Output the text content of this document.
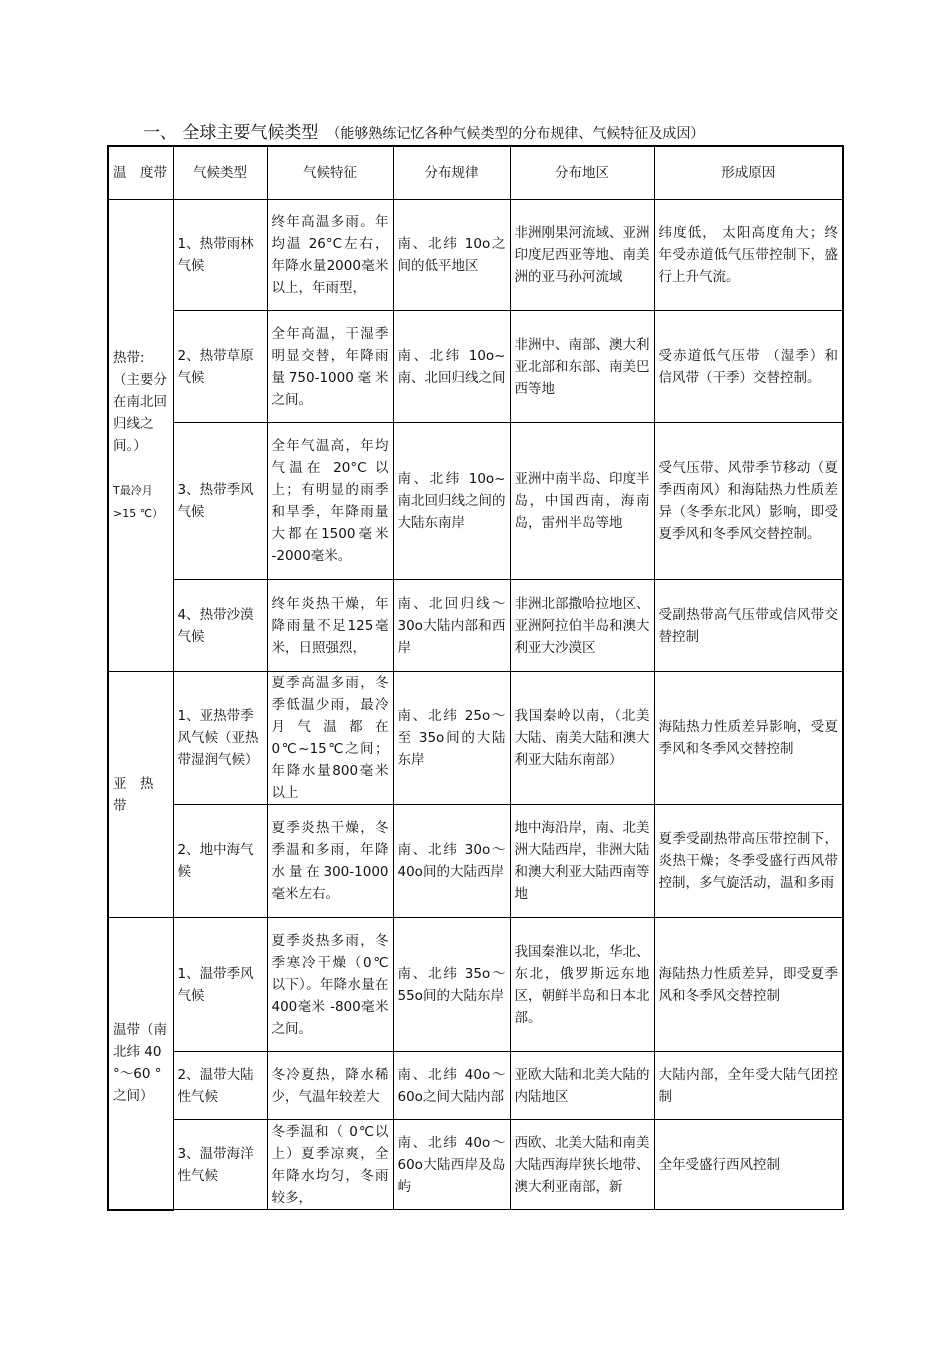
一、 全球主要气候类型 （能够熟练记忆各种气候类型的分布规律、气候特征及成因）
温　度带	气候类型	气候特征	分布规律	分布地区	形成原因
热带:（主要分在南北回归线之间。）

T最冷月 >15 ℃）	1、热带雨林气候	终年高温多雨。年均温 26°C左右，年降水量2000毫米以上，年雨型，	南、北纬 10o之间的低平地区	非洲刚果河流域、亚洲印度尼西亚等地、南美洲的亚马孙河流域	纬度低， 太阳高度角大；终年受赤道低气压带控制下，盛行上升气流。
	2、热带草原气候	全年高温，干湿季明显交替，年降雨量750-1000毫米之间。	南、北纬 10o~南、北回归线之间	非洲中、南部、澳大利亚北部和东部、南美巴西等地	受赤道低气压带 （湿季）和信风带（干季）交替控制。
	3、热带季风气候	全年气温高，年均气温在 20°C 以上；有明显的雨季和旱季，年降雨量大都在1500毫米 -2000毫米。	南、北纬 10o~南北回归线之间的大陆东南岸	亚洲中南半岛、印度半岛，中国西南，海南岛，雷州半岛等地	受气压带、风带季节移动（夏季西南风）和海陆热力性质差异（冬季东北风）影响，即受夏季风和冬季风交替控制。
	4、热带沙漠气候	终年炎热干燥，年降雨量不足125毫米，日照强烈，	南、北回归线～ 30o大陆内部和西岸	非洲北部撒哈拉地区、亚洲阿拉伯半岛和澳大利亚大沙漠区	受副热带高气压带或信风带交替控制
亚　热　带	1、亚热带季风气候（亚热带湿润气候）	夏季高温多雨，冬季低温少雨，最冷月气温都在 0℃~15℃之间；年降水量800毫米以上	南、北纬 25o～至 35o间的大陆东岸	我国秦岭以南，（北美大陆、南美大陆和澳大利亚大陆东南部）	海陆热力性质差异影响，受夏季风和冬季风交替控制
	2、地中海气候	夏季炎热干燥，冬季温和多雨，年降水量在300-1000毫米左右。	南、北纬 30o～40o间的大陆西岸	地中海沿岸，南、北美洲大陆西岸，非洲大陆和澳大利亚大陆西南等地	夏季受副热带高压带控制下，炎热干燥；冬季受盛行西风带控制，多气旋活动，温和多雨
温带（南北纬 40 °～60 °之间）	1、温带季风气候	夏季炎热多雨，冬季寒冷干燥（0℃以下）。年降水量在 400毫米 -800毫米之间。	南、北纬 35o～55o间的大陆东岸	我国秦淮以北，华北、东北，俄罗斯远东地区，朝鲜半岛和日本北部。	海陆热力性质差异，即受夏季风和冬季风交替控制
	2、温带大陆性气候	冬冷夏热，降水稀少，气温年较差大	南、北纬 40o～60o之间大陆内部	亚欧大陆和北美大陆的内陆地区	大陆内部，全年受大陆气团控制
	3、温带海洋性气候	冬季温和（ 0℃以上）夏季凉爽，全年降水均匀，冬雨较多，	南、北纬 40o～60o大陆西岸及岛屿	西欧、北美大陆和南美大陆西海岸狭长地带、澳大利亚南部，新	全年受盛行西风控制
